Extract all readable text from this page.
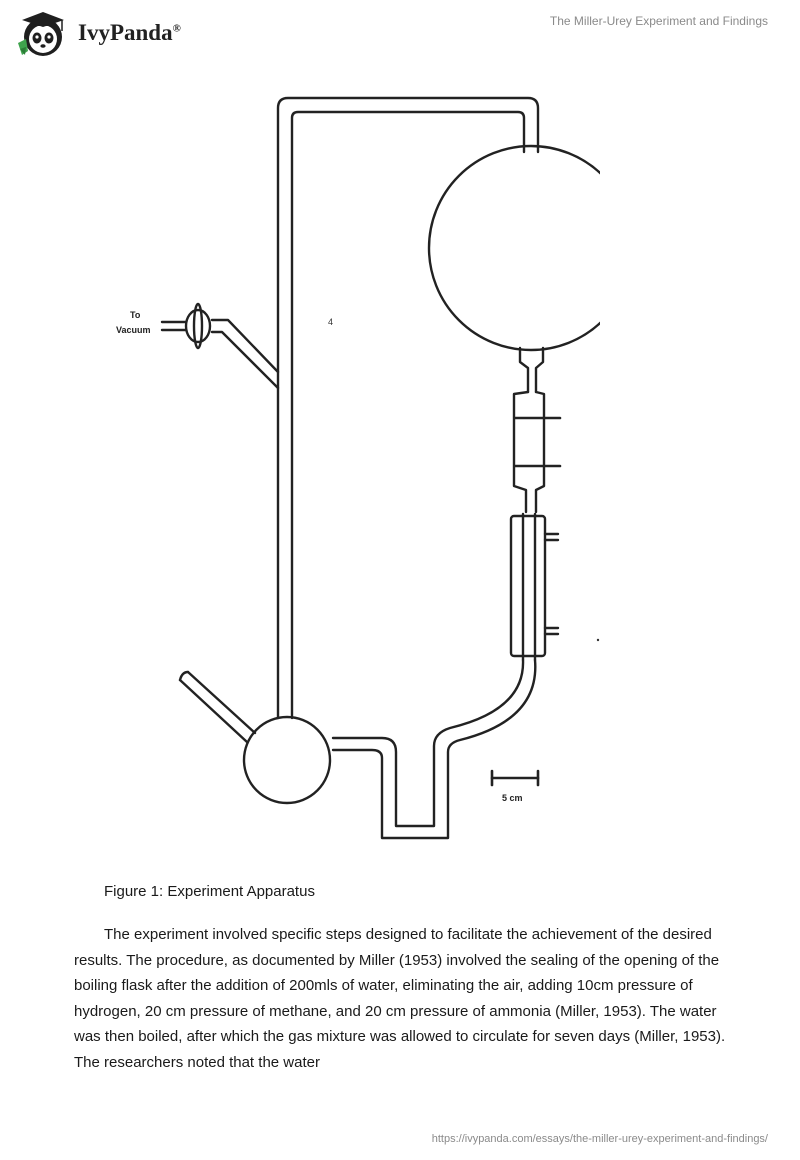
IvyPanda®
The Miller-Urey Experiment and Findings
4
To
Vacuum
5 cm
Figure 1: Experiment Apparatus

The experiment involved specific steps designed to facilitate the achievement of the desired results. The procedure, as documented by Miller (1953) involved the sealing of the opening of the boiling flask after the addition of 200mls of water, eliminating the air, adding 10cm pressure of hydrogen, 20 cm pressure of methane, and 20 cm pressure of ammonia (Miller, 1953). The water was then boiled, after which the gas mixture was allowed to circulate for seven days (Miller, 1953). The researchers noted that the water

https://ivypanda.com/essays/the-miller-urey-experiment-and-findings/
